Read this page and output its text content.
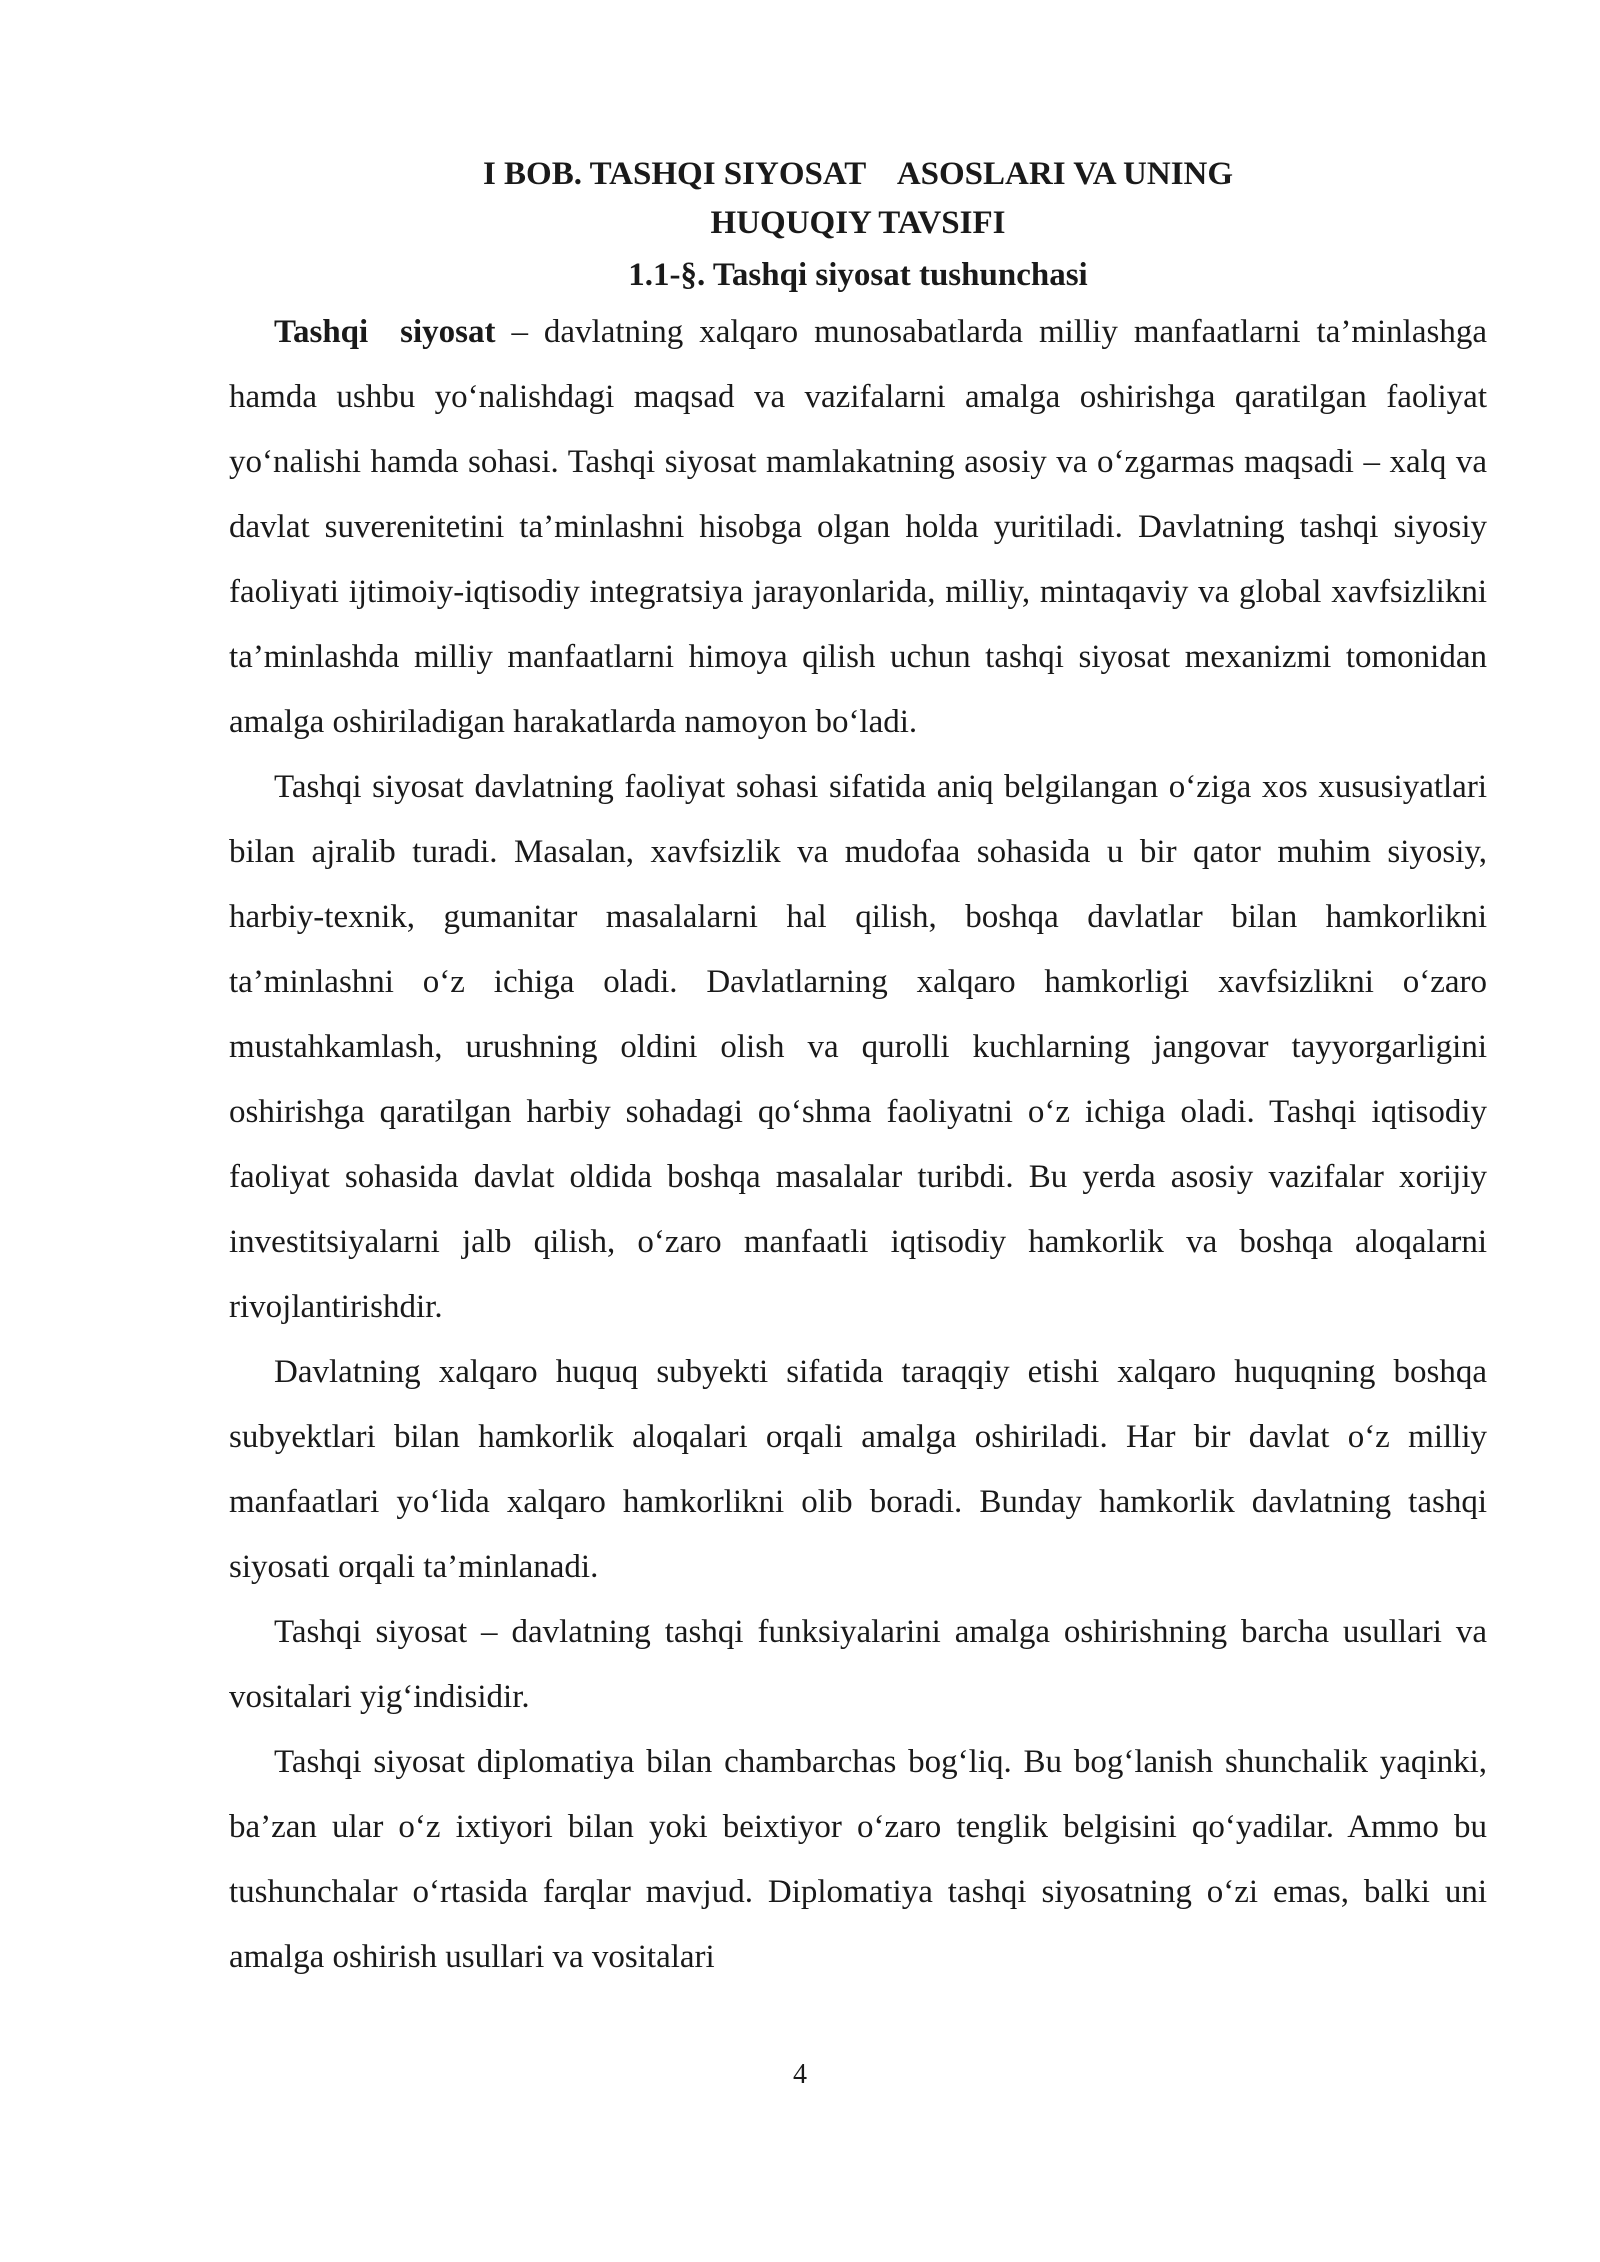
I BOB. TASHQI SIYOSAT    ASOSLARI VA UNING
HUQUQIY TAVSIFI
1.1-§. Tashqi siyosat tushunchasi

Tashqi  siyosat – davlatning xalqaro munosabatlarda milliy manfaatlarni ta’minlashga hamda ushbu yo‘nalishdagi maqsad va vazifalarni amalga oshirishga qaratilgan faoliyat yo‘nalishi hamda sohasi. Tashqi siyosat mamlakatning asosiy va o‘zgarmas maqsadi – xalq va davlat suverenitetini ta’minlashni hisobga olgan holda yuritiladi. Davlatning tashqi siyosiy faoliyati ijtimoiy-iqtisodiy integratsiya jarayonlarida, milliy, mintaqaviy va global xavfsizlikni ta’minlashda milliy manfaatlarni himoya qilish uchun tashqi siyosat mexanizmi tomonidan amalga oshiriladigan harakatlarda namoyon bo‘ladi.

Tashqi siyosat davlatning faoliyat sohasi sifatida aniq belgilangan o‘ziga xos xususiyatlari bilan ajralib turadi. Masalan, xavfsizlik va mudofaa sohasida u bir qator muhim siyosiy, harbiy-texnik, gumanitar masalalarni hal qilish, boshqa davlatlar bilan hamkorlikni ta’minlashni o‘z ichiga oladi. Davlatlarning xalqaro hamkorligi xavfsizlikni o‘zaro mustahkamlash, urushning oldini olish va qurolli kuchlarning jangovar tayyorgarligini oshirishga qaratilgan harbiy sohadagi qo‘shma faoliyatni o‘z ichiga oladi. Tashqi iqtisodiy faoliyat sohasida davlat oldida boshqa masalalar turibdi. Bu yerda asosiy vazifalar xorijiy investitsiyalarni jalb qilish, o‘zaro manfaatli iqtisodiy hamkorlik va boshqa aloqalarni rivojlantirishdir.

Davlatning xalqaro huquq subyekti sifatida taraqqiy etishi xalqaro huquqning boshqa subyektlari bilan hamkorlik aloqalari orqali amalga oshiriladi. Har bir davlat o‘z milliy manfaatlari yo‘lida xalqaro hamkorlikni olib boradi. Bunday hamkorlik davlatning tashqi siyosati orqali ta’minlanadi.

Tashqi siyosat – davlatning tashqi funksiyalarini amalga oshirishning barcha usullari va vositalari yig‘indisidir.

Tashqi siyosat diplomatiya bilan chambarchas bog‘liq. Bu bog‘lanish shunchalik yaqinki, ba’zan ular o‘z ixtiyori bilan yoki beixtiyor o‘zaro tenglik belgisini qo‘yadilar. Ammo bu tushunchalar o‘rtasida farqlar mavjud. Diplomatiya tashqi siyosatning o‘zi emas, balki uni amalga oshirish usullari va vositalari

4
